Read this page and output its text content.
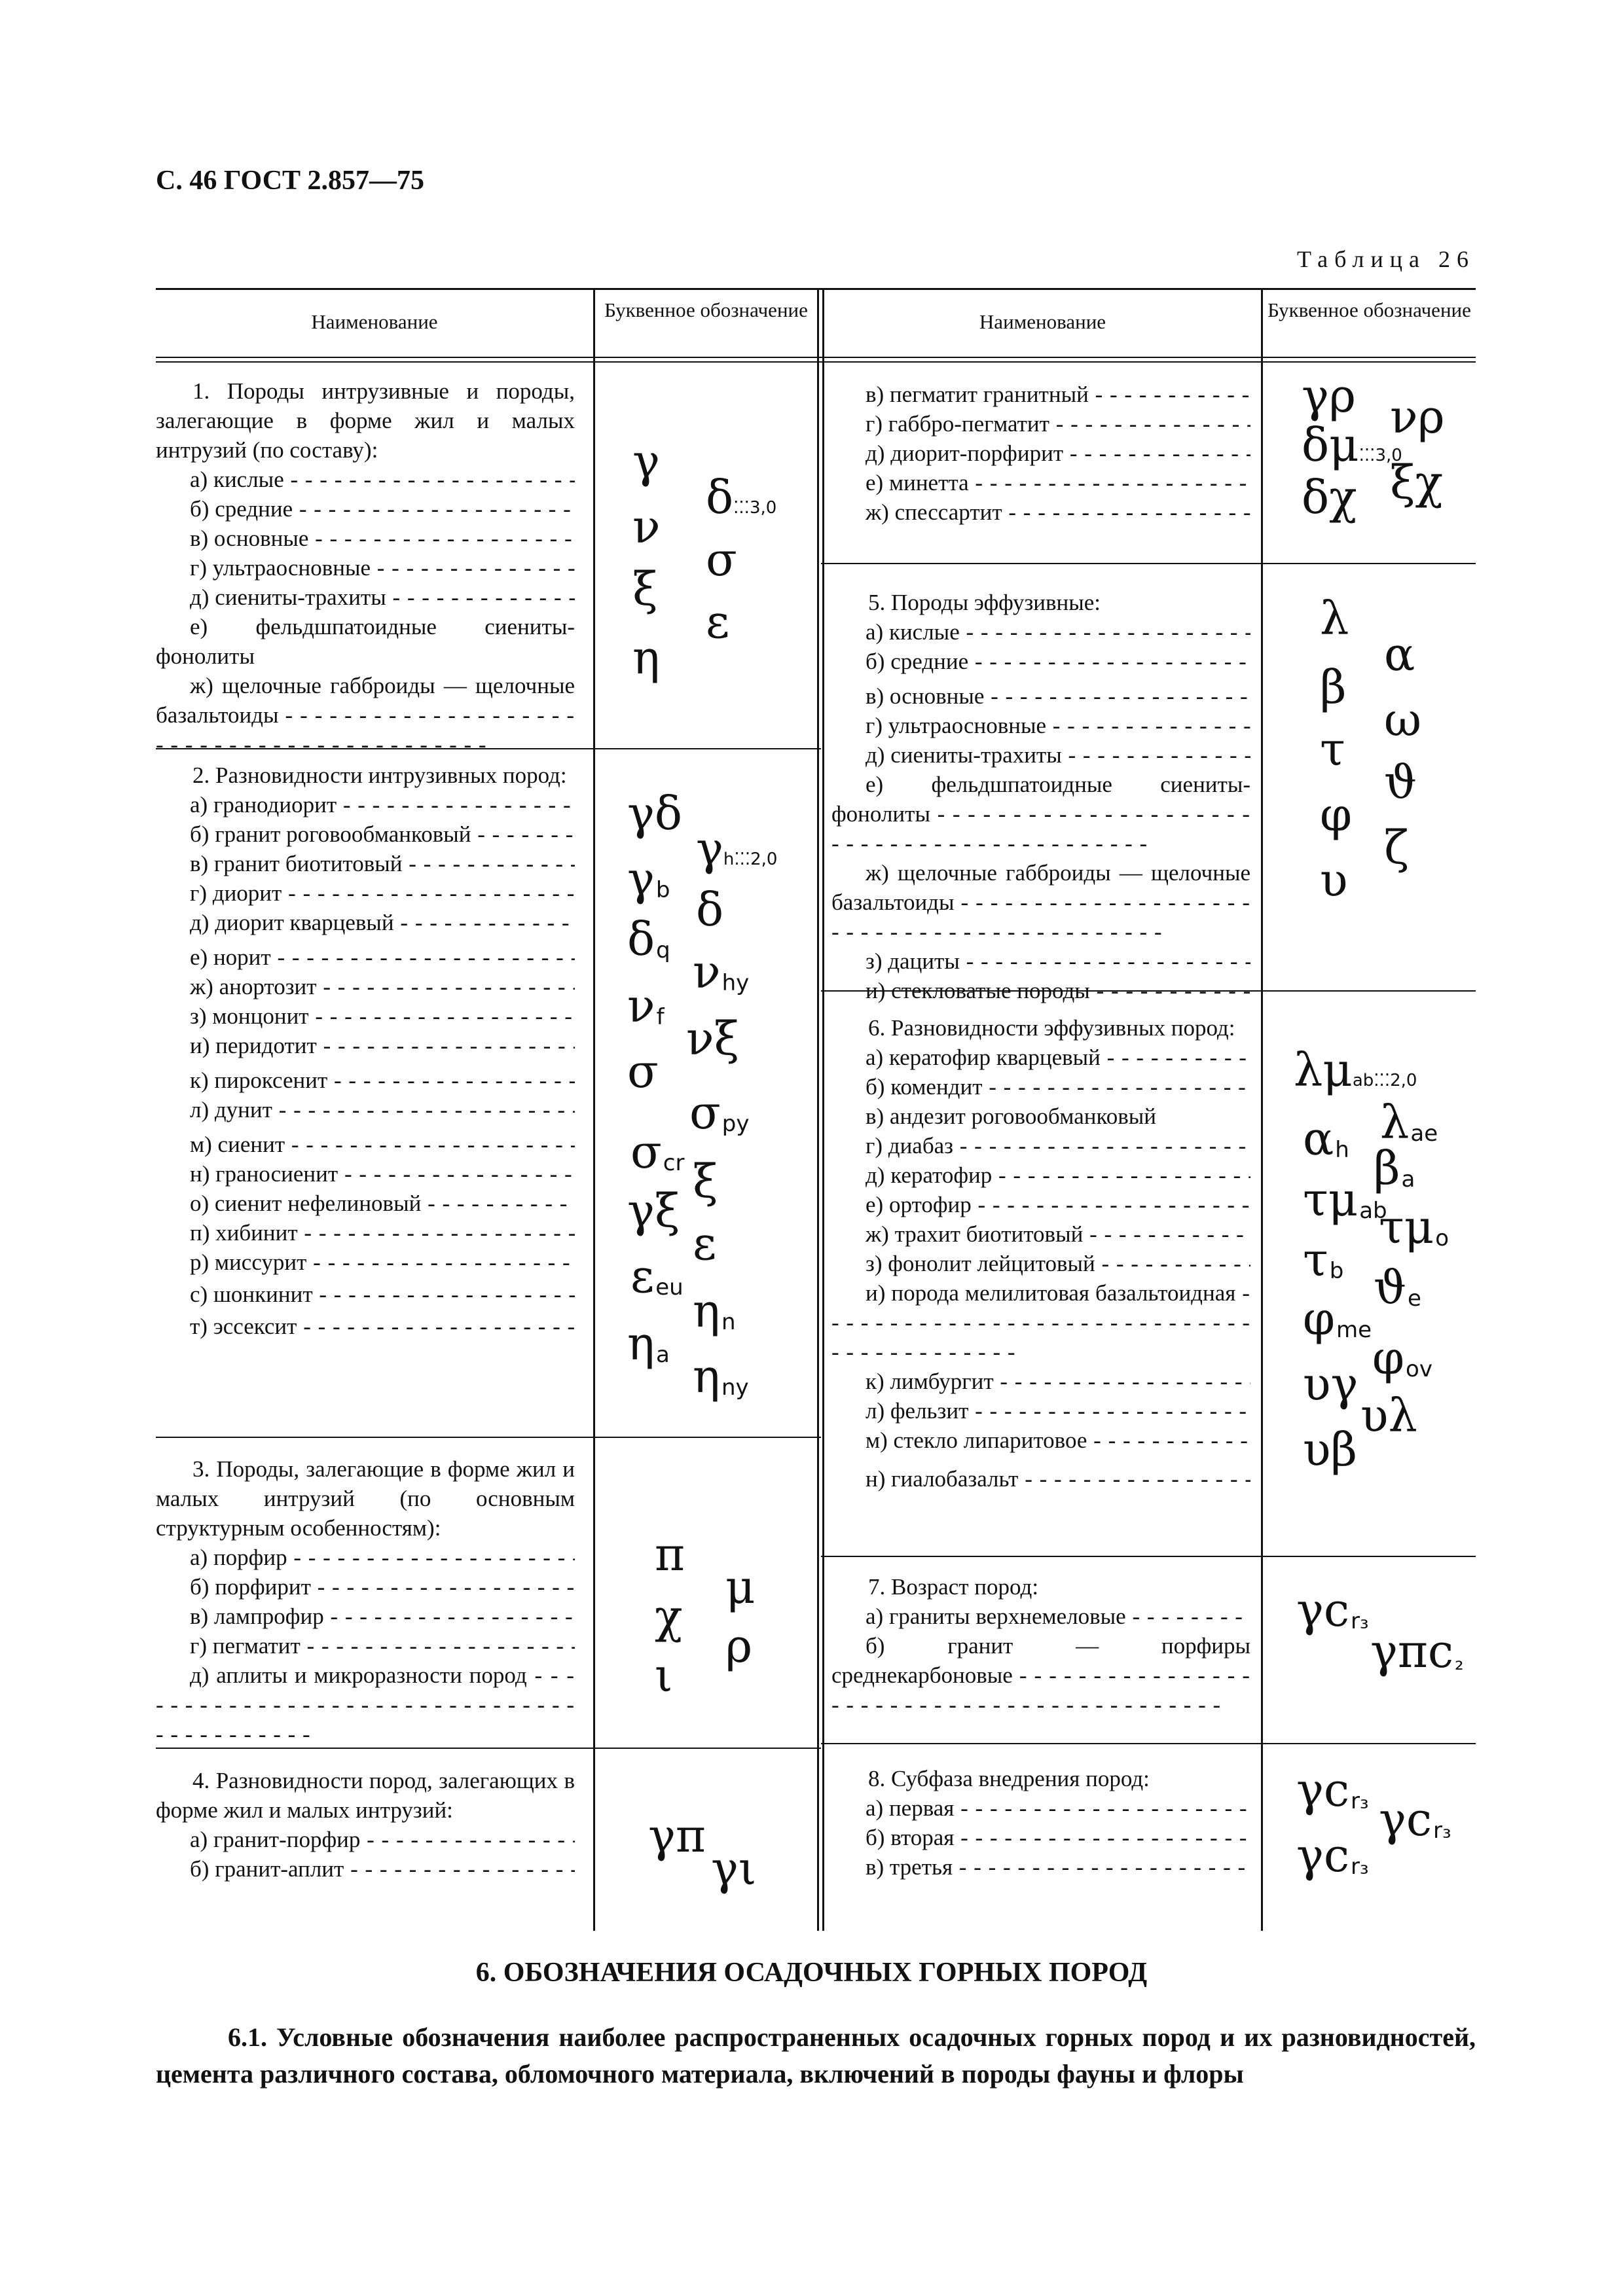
С. 46 ГОСТ 2.857—75
Таблица 26
Наименование
Буквенное обозначение
Наименование
Буквенное обозначение
1. Породы интрузивные и породы, залегающие в форме жил и малых интрузий (по составу):
а) кислые - - -
б) средние - - -
в) основные - - -
г) ультраосновные - - -
д) сиениты-трахиты - - -
е) фельдшпатоидные сиениты-фонолиты
ж) щелочные габброиды — щелочные базальтоиды - - -
γ
δ⁚⁚⁚3,0
ν
σ
ξ
ε
η
2. Разновидности интрузивных пород:
а) гранодиорит - - -
б) гранит роговообманковый - - -
в) гранит биотитовый - - -
г) диорит - - -
д) диорит кварцевый - - -
е) норит - - -
ж) анортозит - - -
з) монцонит - - -
и) перидотит - - -
к) пироксенит - - -
л) дунит - - -
м) сиенит - - -
н) граносиенит - - -
о) сиенит нефелиновый - - -
п) хибинит - - -
р) миссурит - - -
с) шонкинит - - -
т) эссексит - - -
γδ
γh⁚⁚⁚2,0
$\gamma_b$ δ
$\delta_q$ $\nu_{hy}$
$\nu_f$ νξ
σ
$\sigma_{py}$
$\sigma_{cr}$ ξ
γξ
ε
$\varepsilon_{eu}$ $\eta_n$
$\eta_a$ $\eta_{ny}$
3. Породы, залегающие в форме жил и малых интрузий (по основным структурным особенностям):
а) порфир - - -
б) порфирит - - -
в) лампрофир - - -
г) пегматит - - -
д) аплиты и микроразности пород - - -
π
μ
χ
ρ
ι
4. Разновидности пород, залегающих в форме жил и малых интрузий:
а) гранит-порфир - - -
б) гранит-аплит - - -
γπ
γι
в) пегматит гранитный - - -
г) габбро-пегматит - - -
д) диорит-порфирит - - -
е) минетта - - -
ж) спессартит - - -
γρ νρ
δμ⁚⁚⁚3,0
δχ ξχ
5. Породы эффузивные:
а) кислые - - -
б) средние - - -
в) основные - - -
г) ультраосновные - - -
д) сиениты-трахиты - - -
е) фельдшпатоидные сиениты-фонолиты - - -
ж) щелочные габброиды — щелочные базальтоиды - - -
з) дациты - - -
и) стекловатые породы - - -
λ
α
β
ω
τ
ϑ
φ
ζ
υ
6. Разновидности эффузивных пород:
а) кератофир кварцевый - - -
б) комендит - - -
в) андезит роговообманковый
г) диабаз - - -
д) кератофир - - -
е) ортофир - - -
ж) трахит биотитовый - - -
з) фонолит лейцитовый - - -
и) порода мелилитовая базальтоидная - - -
к) лимбургит - - -
л) фельзит - - -
м) стекло липаритовое - - -
н) гиалобазальт - - -
λμab⁚⁚⁚2,0
$\lambda_{ae}$
$\alpha_h$ $\beta_a$
$\tau\mu_{ab}$
$\tau\mu_o$
$\tau_b$ $ϑ_e$
$\varphi_{me}$
$\varphi_{ov}$
υγ
υλ
υβ
7. Возраст пород:
а) граниты верхнемеловые - - -
б) гранит — порфиры среднекарбоновые - - -
$\gamma c_{r_3}$
γπc$_{_2}$
8. Субфаза внедрения пород:
а) первая - - -
б) вторая - - -
в) третья - - -
$\gamma c_{r_3}$ $\gamma c_{r_3}$
$\gamma c_{r_3}$
6. ОБОЗНАЧЕНИЯ ОСАДОЧНЫХ ГОРНЫХ ПОРОД
6.1. Условные обозначения наиболее распространенных осадочных горных пород и их разновидностей, цемента различного состава, обломочного материала, включений в породы фауны и флоры
